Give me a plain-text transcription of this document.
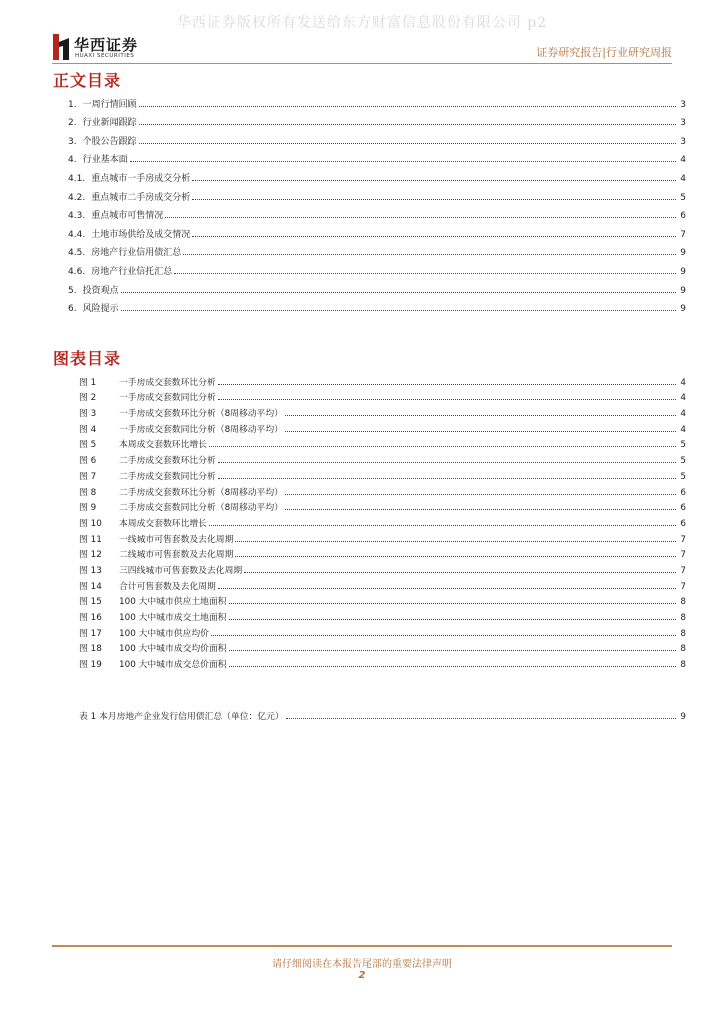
华西证券版权所有发送给东方财富信息股份有限公司 p2
华西证券
HUAXI SECURITIES	证券研究报告|行业研究周报
正文目录
1. 一周行情回顾	3
2. 行业新闻跟踪	3
3. 个股公告跟踪	3
4. 行业基本面	4
4.1. 重点城市一手房成交分析	4
4.2. 重点城市二手房成交分析	5
4.3. 重点城市可售情况	6
4.4. 土地市场供给及成交情况	7
4.5. 房地产行业信用债汇总	9
4.6. 房地产行业信托汇总	9
5. 投资观点	9
6. 风险提示	9
图表目录
图 1	一手房成交套数环比分析	4
图 2	一手房成交套数同比分析	4
图 3	一手房成交套数环比分析（8周移动平均）	4
图 4	一手房成交套数同比分析（8周移动平均）	4
图 5	本周成交套数环比增长	5
图 6	二手房成交套数环比分析	5
图 7	二手房成交套数同比分析	5
图 8	二手房成交套数环比分析（8周移动平均）	6
图 9	二手房成交套数同比分析（8周移动平均）	6
图 10	本周成交套数环比增长	6
图 11	一线城市可售套数及去化周期	7
图 12	二线城市可售套数及去化周期	7
图 13	三四线城市可售套数及去化周期	7
图 14	合计可售套数及去化周期	7
图 15	100 大中城市供应土地面积	8
图 16	100 大中城市成交土地面积	8
图 17	100 大中城市供应均价	8
图 18	100 大中城市成交均价面积	8
图 19	100 大中城市成交总价面积	8
表 1 本月房地产企业发行信用债汇总（单位：亿元）	9
请仔细阅读在本报告尾部的重要法律声明
2
